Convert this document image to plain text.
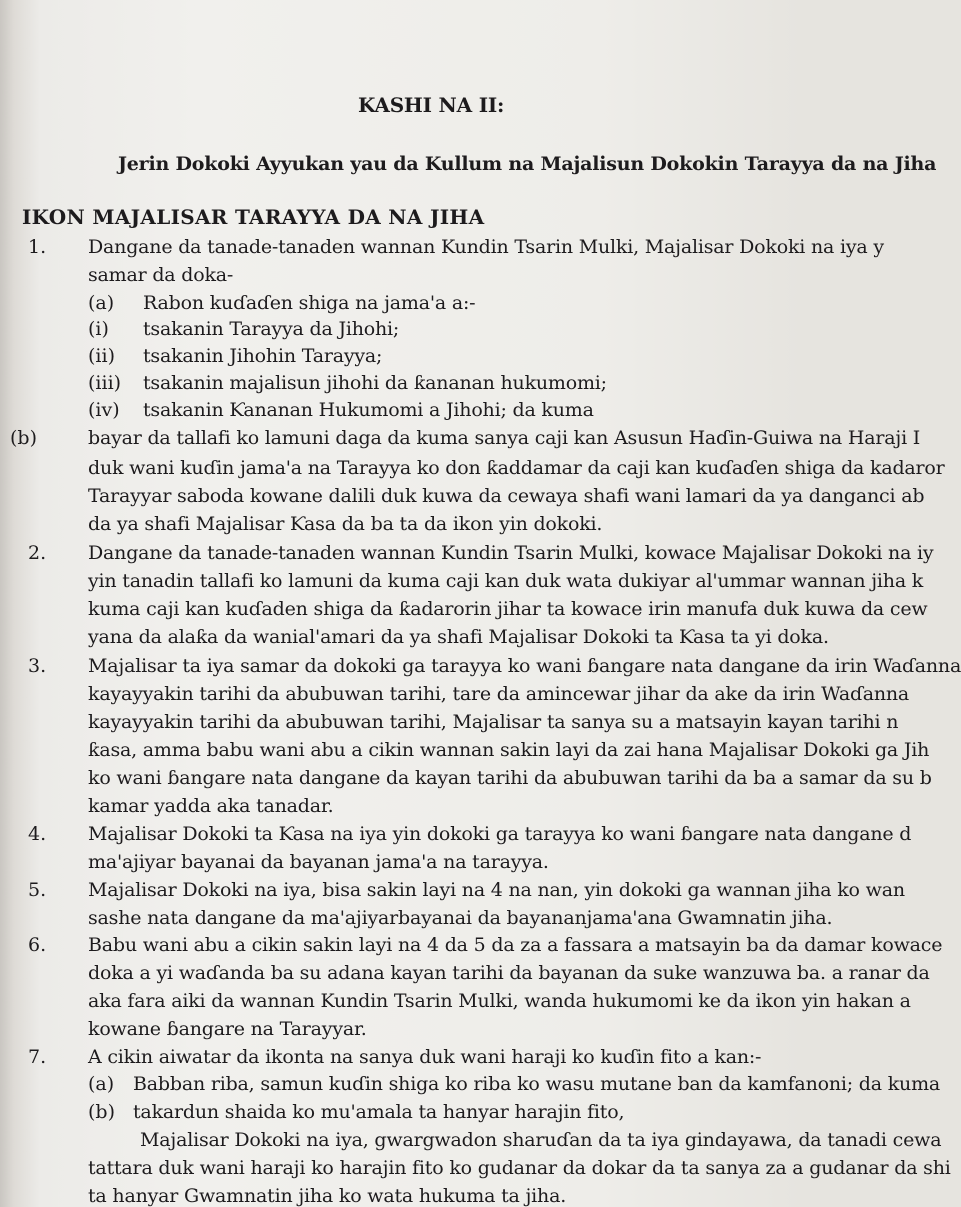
KASHI NA II:
Jerin Dokoki Ayyukan yau da Kullum na Majalisun Dokokin Tarayya da na Jiha
IKON MAJALISAR TARAYYA DA NA JIHA
1. Dangane da tanade-tanaden wannan Kundin Tsarin Mulki, Majalisar Dokoki na iya y
samar da doka-
(a) Rabon kuɗaɗen shiga na jama'a a:-
(i) tsakanin Tarayya da Jihohi;
(ii) tsakanin Jihohin Tarayya;
(iii) tsakanin majalisun jihohi da ƙananan hukumomi;
(iv) tsakanin Ƙananan Hukumomi a Jihohi; da kuma
(b)	bayar da tallafi ko lamuni daga da kuma sanya caji kan Asusun Haɗin-Guiwa na Haraji I
duk wani kuɗin jama'a na Tarayya ko don ƙaddamar da caji kan kuɗaɗen shiga da kadaror
Tarayyar saboda kowane dalili duk kuwa da cewaya shafi wani lamari da ya danganci ab
da ya shafi Majalisar Ƙasa da ba ta da ikon yin dokoki.
2. Dangane da tanade-tanaden wannan Kundin Tsarin Mulki, kowace Majalisar Dokoki na iy
yin tanadin tallafi ko lamuni da kuma caji kan duk wata dukiyar al'ummar wannan jiha k
kuma caji kan kuɗaden shiga da ƙadarorin jihar ta kowace irin manufa duk kuwa da cew
yana da alaƙa da wanial'amari da ya shafi Majalisar Dokoki ta Ƙasa ta yi doka.
3. Majalisar ta iya samar da dokoki ga tarayya ko wani ɓangare nata dangane da irin Waɗanna
kayayyakin tarihi da abubuwan tarihi, tare da amincewar jihar da ake da irin Waɗanna
kayayyakin tarihi da abubuwan tarihi, Majalisar ta sanya su a matsayin kayan tarihi n
ƙasa, amma babu wani abu a cikin wannan sakin layi da zai hana Majalisar Dokoki ga Jih
ko wani ɓangare nata dangane da kayan tarihi da abubuwan tarihi da ba a samar da su b
kamar yadda aka tanadar.
4. Majalisar Dokoki ta Ƙasa na iya yin dokoki ga tarayya ko wani ɓangare nata dangane d
ma'ajiyar bayanai da bayanan jama'a na tarayya.
5. Majalisar Dokoki na iya, bisa sakin layi na 4 na nan, yin dokoki ga wannan jiha ko wan
sashe nata dangane da ma'ajiyarbayanai da bayananjama'ana Gwamnatin jiha.
6. Babu wani abu a cikin sakin layi na 4 da 5 da za a fassara a matsayin ba da damar kowace
doka a yi waɗanda ba su adana kayan tarihi da bayanan da suke wanzuwa ba. a ranar da
aka fara aiki da wannan Kundin Tsarin Mulki, wanda hukumomi ke da ikon yin hakan a
kowane ɓangare na Tarayyar.
7. A cikin aiwatar da ikonta na sanya duk wani haraji ko kuɗin fito a kan:-
(a) Babban riba, samun kuɗin shiga ko riba ko wasu mutane ban da kamfanoni; da kuma
(b) takardun shaida ko mu'amala ta hanyar harajin fito,
Majalisar Dokoki na iya, gwargwadon sharuɗan da ta iya gindayawa, da tanadi cewa
tattara duk wani haraji ko harajin fito ko gudanar da dokar da ta sanya za a gudanar da shi
ta hanyar Gwamnatin jiha ko wata hukuma ta jiha.
